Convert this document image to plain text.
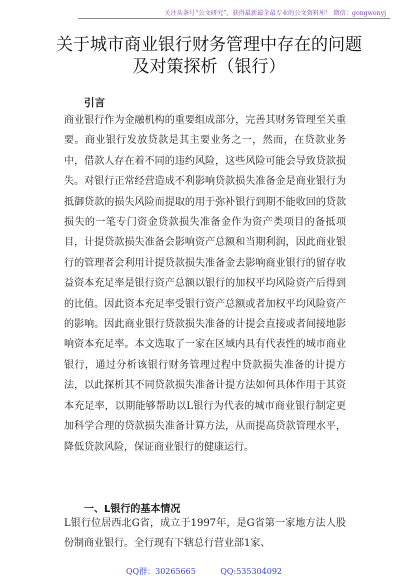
关注头条号“公文研究”，获得最新最全最专业的公文资料库！ 微信：gongwenyj
关于城市商业银行财务管理中存在的问题
及对策探析（银行）
引言

商业银行作为金融机构的重要组成部分，完善其财务管理至关重要。商业银行发放贷款是其主要业务之一，然而，在贷款业务中，借款人存在着不同的违约风险，这些风险可能会导致贷款损失。对银行正常经营造成不利影响贷款损失准备金是商业银行为抵御贷款的损失风险而提取的用于弥补银行到期不能收回的贷款损失的一笔专门资金贷款损失准备金作为资产类项目的备抵项目，计提贷款损失准备会影响资产总额和当期利润，因此商业银行的管理者会利用计提贷款损失准备金去影响商业银行的留存收益资本充足率是银行资产总额以银行的加权平均风险资产后得到的比值。因此资本充足率受银行资产总额或者加权平均风险资产的影响。因此商业银行贷款损失准备的计提会直接或者间接地影响资本充足率。本文选取了一家在区域内具有代表性的城市商业银行，通过分析该银行财务管理过程中贷款损失准备的计提方法，以此探析其不同贷款损失准备计提方法如何具体作用于其资本充足率，以期能够帮助以L银行为代表的城市商业银行制定更加科学合理的贷款损失准备计算方法，从而提高贷款管理水平，降低贷款风险，保证商业银行的健康运行。

一、L银行的基本情况

L银行位居西北G省，成立于1997年，是G省第一家地方法人股份制商业银行。全行现有下辖总行营业部1家、

QQ群：30265665	QQ:535304092
